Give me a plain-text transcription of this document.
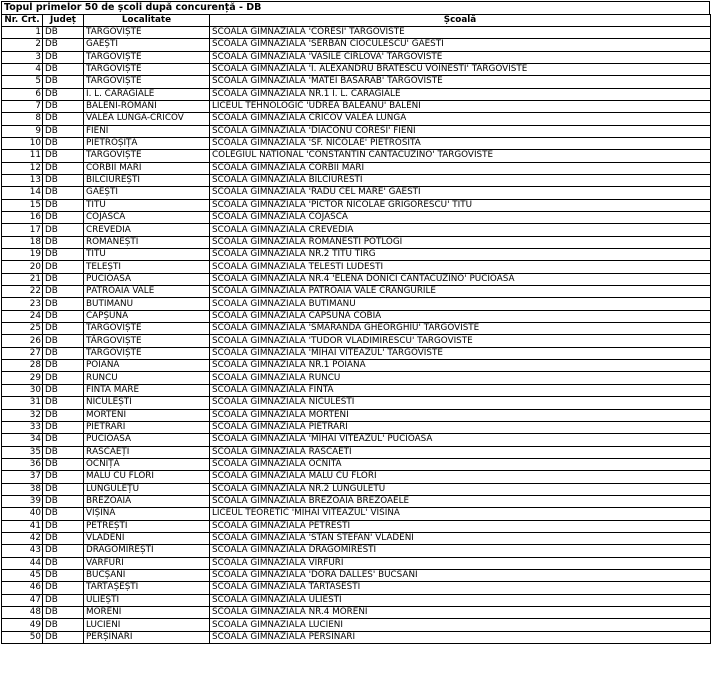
Topul primelor 50 de școli după concurență - DB
Nr. Crt.	Județ	Localitate	Școală
1	DB	TÂRGOVIȘTE	SCOALA GIMNAZIALA 'CORESI' TARGOVISTE
2	DB	GĂEȘTI	SCOALA GIMNAZIALA 'SERBAN CIOCULESCU' GAESTI
3	DB	TÂRGOVIȘTE	SCOALA GIMNAZIALA 'VASILE CIRLOVA' TARGOVISTE
4	DB	TÂRGOVIȘTE	SCOALA GIMNAZIALA 'I. ALEXANDRU BRATESCU VOINESTI' TARGOVISTE
5	DB	TÂRGOVIȘTE	SCOALA GIMNAZIALA 'MATEI BASARAB' TARGOVISTE
6	DB	I. L. CARAGIALE	SCOALA GIMNAZIALA NR.1 I. L. CARAGIALE
7	DB	BĂLENI-ROMÂNI	LICEUL TEHNOLOGIC 'UDREA BALEANU' BALENI
8	DB	VALEA LUNGĂ-CRICOV	SCOALA GIMNAZIALA CRICOV VALEA LUNGA
9	DB	FIENI	SCOALA GIMNAZIALA 'DIACONU CORESI' FIENI
10	DB	PIETROȘIȚA	SCOALA GIMNAZIALA 'SF. NICOLAE' PIETROSITA
11	DB	TÂRGOVIȘTE	COLEGIUL NATIONAL 'CONSTANTIN CANTACUZINO' TARGOVISTE
12	DB	CORBII MARI	SCOALA GIMNAZIALA CORBII MARI
13	DB	BILCIUREȘTI	SCOALA GIMNAZIALA BILCIURESTI
14	DB	GĂEȘTI	SCOALA GIMNAZIALA 'RADU CEL MARE' GAESTI
15	DB	TITU	SCOALA GIMNAZIALA 'PICTOR NICOLAE GRIGORESCU' TITU
16	DB	COJASCA	SCOALA GIMNAZIALA COJASCA
17	DB	CREVEDIA	SCOALA GIMNAZIALA CREVEDIA
18	DB	ROMÂNEȘTI	SCOALA GIMNAZIALA ROMANESTI POTLOGI
19	DB	TITU	SCOALA GIMNAZIALA NR.2 TITU TIRG
20	DB	TELEȘTI	SCOALA GIMNAZIALA TELESTI LUDESTI
21	DB	PUCIOASA	SCOALA GIMNAZIALA NR.4 'ELENA DONICI CANTACUZINO' PUCIOASA
22	DB	PĂTROAIA VALE	SCOALA GIMNAZIALA PATROAIA VALE CRANGURILE
23	DB	BUTIMANU	SCOALA GIMNAZIALA BUTIMANU
24	DB	CĂPȘUNA	SCOALA GIMNAZIALA CAPSUNA COBIA
25	DB	TÂRGOVIȘTE	SCOALA GIMNAZIALA 'SMARANDA GHEORGHIU' TARGOVISTE
26	DB	TÂRGOVIȘTE	SCOALA GIMNAZIALA 'TUDOR VLADIMIRESCU' TARGOVISTE
27	DB	TÂRGOVIȘTE	SCOALA GIMNAZIALA 'MIHAI VITEAZUL' TARGOVISTE
28	DB	POIANA	SCOALA GIMNAZIALA NR.1 POIANA
29	DB	RUNCU	SCOALA GIMNAZIALA RUNCU
30	DB	FINTA MARE	SCOALA GIMNAZIALA FINTA
31	DB	NICULEȘTI	SCOALA GIMNAZIALA NICULESTI
32	DB	MORTENI	SCOALA GIMNAZIALA MORTENI
33	DB	PIETRARI	SCOALA GIMNAZIALA PIETRARI
34	DB	PUCIOASA	SCOALA GIMNAZIALA 'MIHAI VITEAZUL' PUCIOASA
35	DB	RĂSCĂEȚI	SCOALA GIMNAZIALA RASCAETI
36	DB	OCNIȚA	SCOALA GIMNAZIALA OCNITA
37	DB	MALU CU FLORI	SCOALA GIMNAZIALA MALU CU FLORI
38	DB	LUNGULEȚU	SCOALA GIMNAZIALA NR.2 LUNGULETU
39	DB	BREZOAIA	SCOALA GIMNAZIALA BREZOAIA BREZOAELE
40	DB	VIȘINA	LICEUL TEORETIC 'MIHAI VITEAZUL' VISINA
41	DB	PETREȘTI	SCOALA GIMNAZIALA PETRESTI
42	DB	VLĂDENI	SCOALA GIMNAZIALA 'STAN STEFAN' VLADENI
43	DB	DRAGOMIREȘTI	SCOALA GIMNAZIALA DRAGOMIRESTI
44	DB	VÂRFURI	SCOALA GIMNAZIALA VIRFURI
45	DB	BUCȘANI	SCOALA GIMNAZIALA 'DORA DALLES' BUCSANI
46	DB	TÂRTĂȘEȘTI	SCOALA GIMNAZIALA TARTASESTI
47	DB	ULIEȘTI	SCOALA GIMNAZIALA ULIESTI
48	DB	MORENI	SCOALA GIMNAZIALA NR.4 MORENI
49	DB	LUCIENI	SCOALA GIMNAZIALA LUCIENI
50	DB	PERȘINARI	SCOALA GIMNAZIALA PERSINARI
